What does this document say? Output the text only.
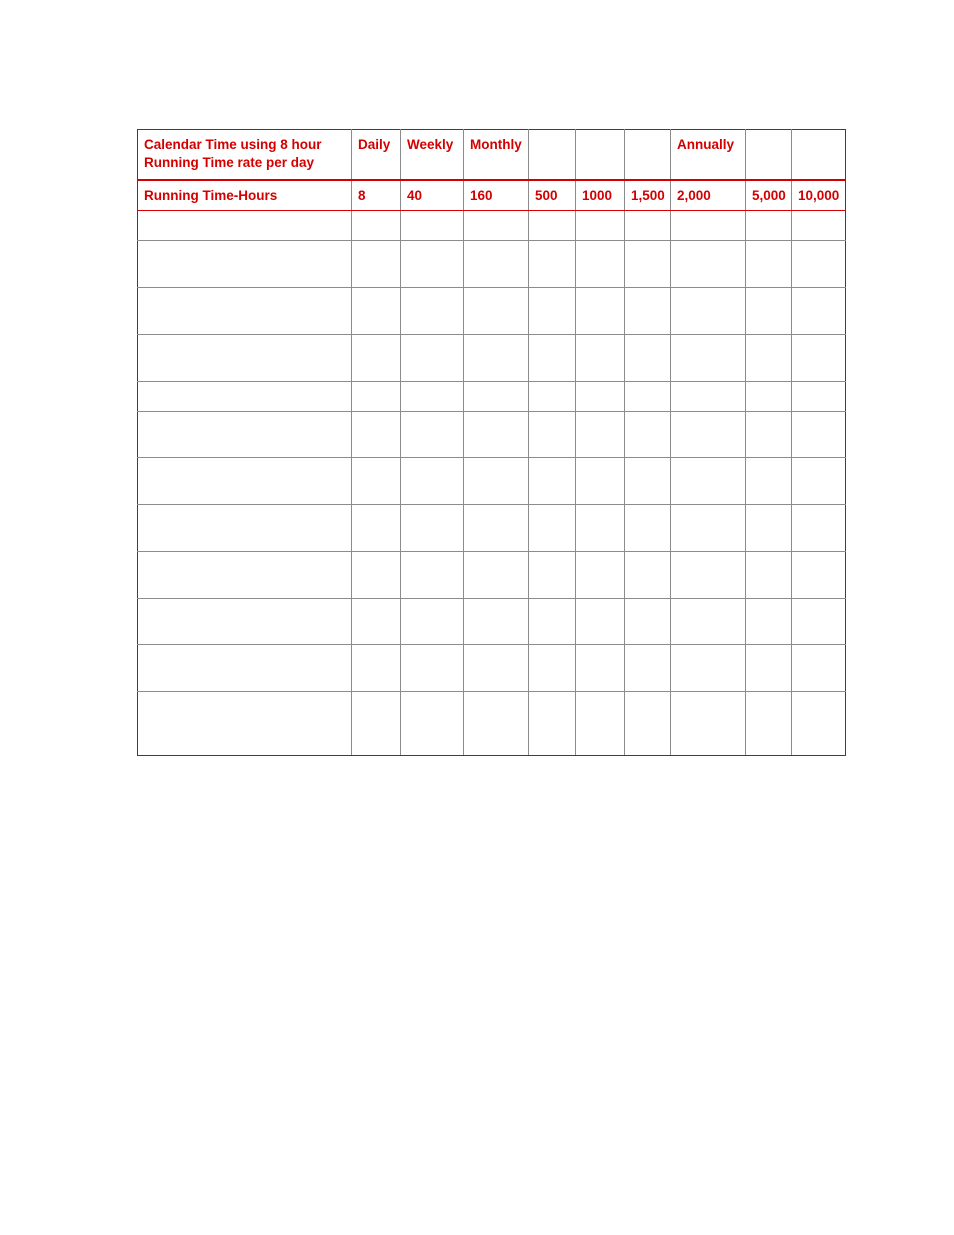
Calendar Time using 8 hour Running Time rate per day	Daily	Weekly	Monthly				Annually		
Running Time-Hours	8	40	160	500	1000	1,500	2,000	5,000	10,000
